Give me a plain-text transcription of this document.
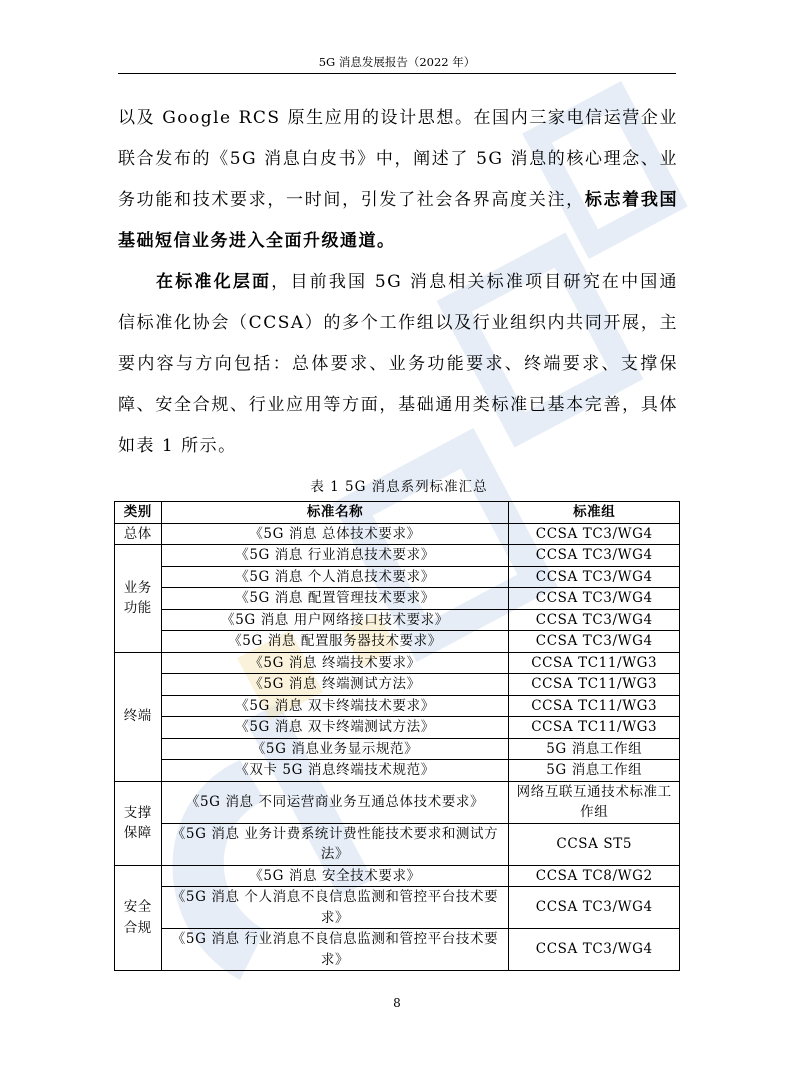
5G 消息发展报告（2022 年）

以及 Google RCS 原生应用的设计思想。在国内三家电信运营企业联合发布的《5G 消息白皮书》中，阐述了 5G 消息的核心理念、业务功能和技术要求，一时间，引发了社会各界高度关注，标志着我国基础短信业务进入全面升级通道。

在标准化层面，目前我国 5G 消息相关标准项目研究在中国通信标准化协会（CCSA）的多个工作组以及行业组织内共同开展，主要内容与方向包括：总体要求、业务功能要求、终端要求、支撑保障、安全合规、行业应用等方面，基础通用类标准已基本完善，具体如表 1 所示。

表 1 5G 消息系列标准汇总
类别	标准名称	标准组
总体	《5G 消息 总体技术要求》	CCSA TC3/WG4
业务功能	《5G 消息 行业消息技术要求》	CCSA TC3/WG4
	《5G 消息 个人消息技术要求》	CCSA TC3/WG4
	《5G 消息 配置管理技术要求》	CCSA TC3/WG4
	《5G 消息 用户网络接口技术要求》	CCSA TC3/WG4
	《5G 消息 配置服务器技术要求》	CCSA TC3/WG4
终端	《5G 消息 终端技术要求》	CCSA TC11/WG3
	《5G 消息 终端测试方法》	CCSA TC11/WG3
	《5G 消息 双卡终端技术要求》	CCSA TC11/WG3
	《5G 消息 双卡终端测试方法》	CCSA TC11/WG3
	《5G 消息业务显示规范》	5G 消息工作组
	《双卡 5G 消息终端技术规范》	5G 消息工作组
支撑保障	《5G 消息 不同运营商业务互通总体技术要求》	网络互联互通技术标准工作组
	《5G 消息 业务计费系统计费性能技术要求和测试方法》	CCSA ST5
安全合规	《5G 消息 安全技术要求》	CCSA TC8/WG2
	《5G 消息 个人消息不良信息监测和管控平台技术要求》	CCSA TC3/WG4
	《5G 消息 行业消息不良信息监测和管控平台技术要求》	CCSA TC3/WG4
8
